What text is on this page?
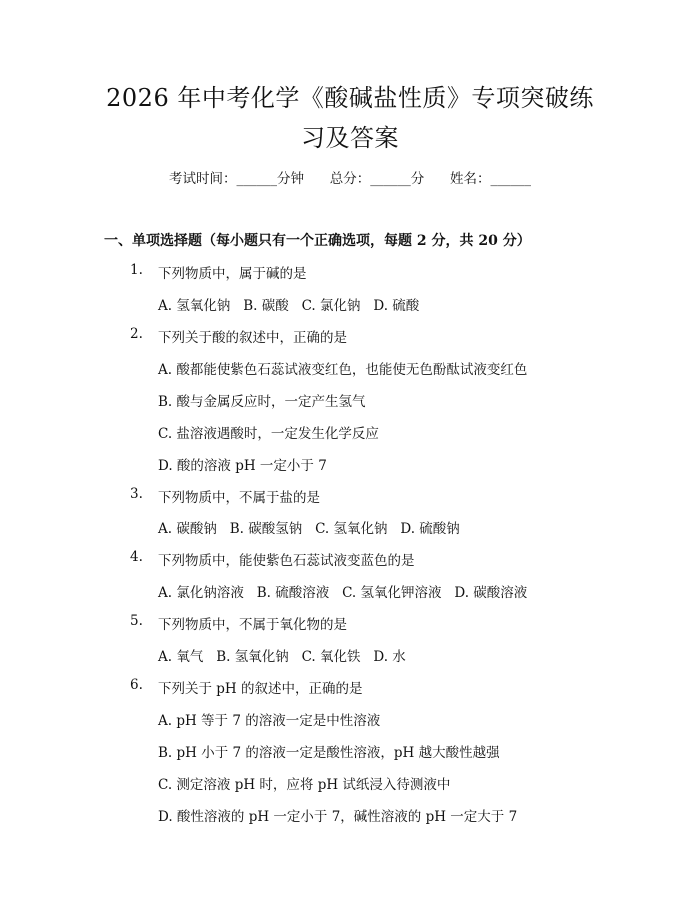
2026 年中考化学《酸碱盐性质》专项突破练
习及答案
考试时间：______分钟      总分：______分      姓名：______
一、单项选择题（每小题只有一个正确选项，每题 2 分，共 20 分）
1. 下列物质中，属于碱的是
A. 氢氧化钠   B. 碳酸   C. 氯化钠   D. 硫酸
2. 下列关于酸的叙述中，正确的是
A. 酸都能使紫色石蕊试液变红色，也能使无色酚酞试液变红色
B. 酸与金属反应时，一定产生氢气
C. 盐溶液遇酸时，一定发生化学反应
D. 酸的溶液 pH 一定小于 7
3. 下列物质中，不属于盐的是
A. 碳酸钠   B. 碳酸氢钠   C. 氢氧化钠   D. 硫酸钠
4. 下列物质中，能使紫色石蕊试液变蓝色的是
A. 氯化钠溶液   B. 硫酸溶液   C. 氢氧化钾溶液   D. 碳酸溶液
5. 下列物质中，不属于氧化物的是
A. 氧气   B. 氢氧化钠   C. 氧化铁   D. 水
6. 下列关于 pH 的叙述中，正确的是
A. pH 等于 7 的溶液一定是中性溶液
B. pH 小于 7 的溶液一定是酸性溶液，pH 越大酸性越强
C. 测定溶液 pH 时，应将 pH 试纸浸入待测液中
D. 酸性溶液的 pH 一定小于 7，碱性溶液的 pH 一定大于 7
